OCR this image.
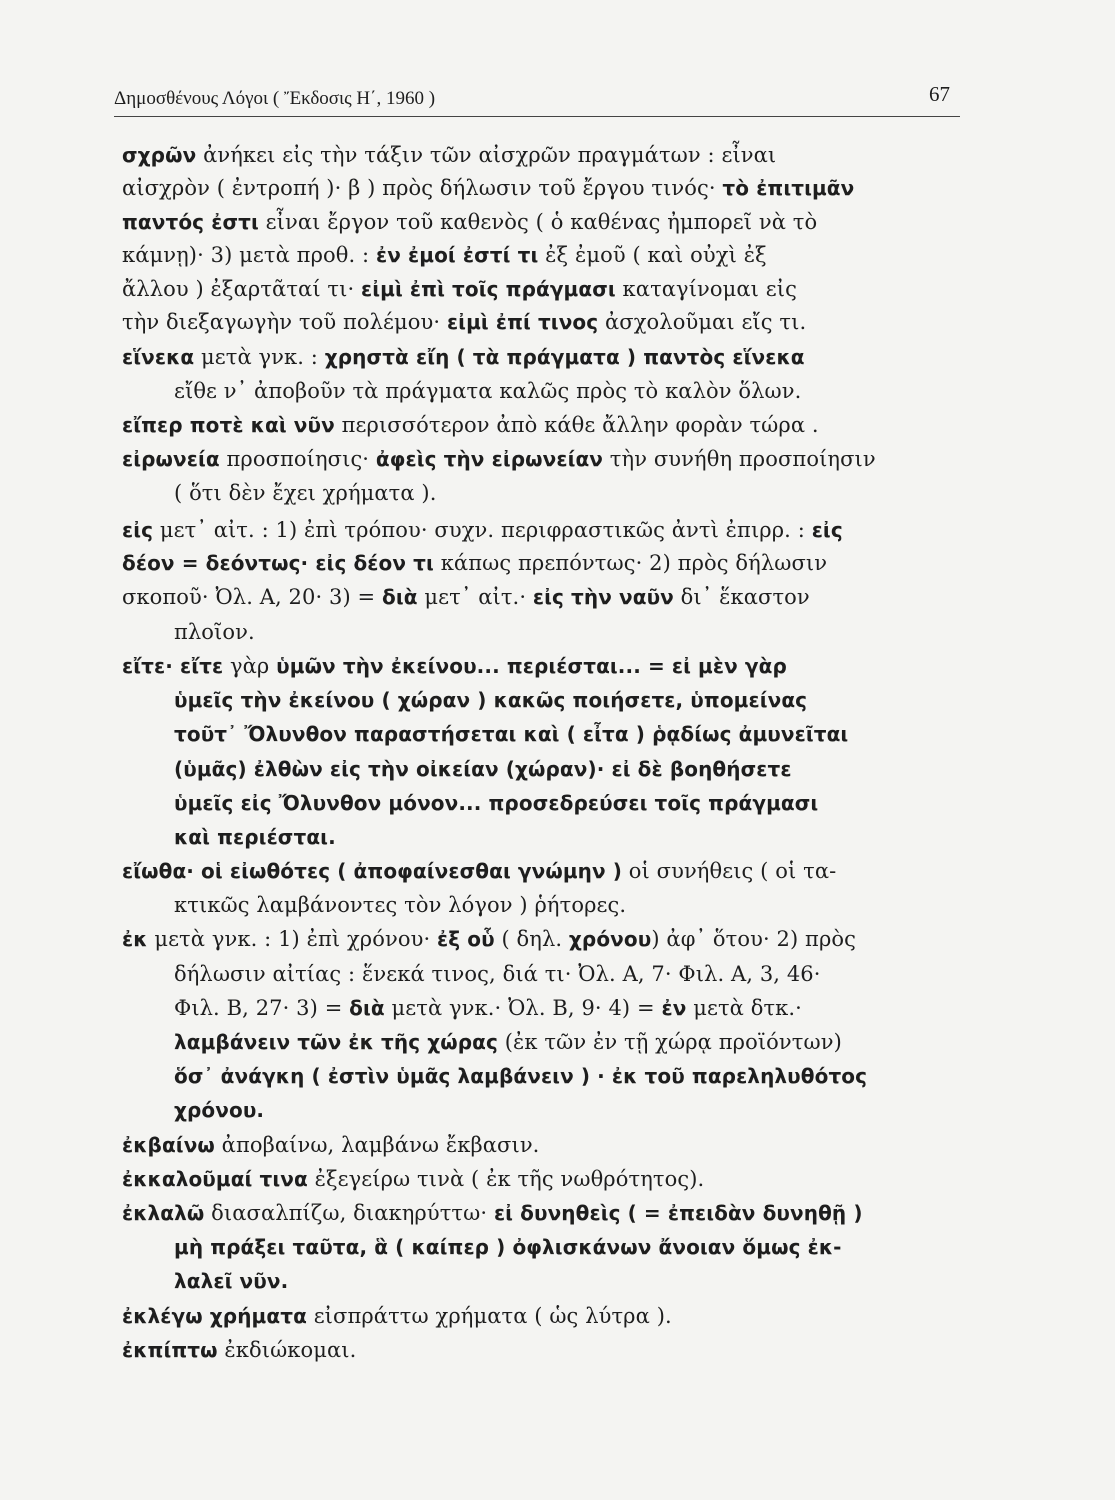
Δημοσθένους Λόγοι ( Ἔκδοσις Η΄, 1960 )	67
σχρῶν ἀνήκει εἰς τὴν τάξιν τῶν αἰσχρῶν πραγμάτων : εἶναι
αἰσχρὸν ( ἐντροπή )· β ) πρὸς δήλωσιν τοῦ ἔργου τινός· τὸ ἐπιτιμᾶν
παντός ἐστι εἶναι ἔργον τοῦ καθενὸς ( ὁ καθένας ἠμπορεῖ νὰ τὸ
κάμνῃ)· 3) μετὰ προθ. : ἐν ἐμοί ἐστί τι ἐξ ἐμοῦ ( καὶ οὐχὶ ἐξ
ἄλλου ) ἐξαρτᾶταί τι· εἰμὶ ἐπὶ τοῖς πράγμασι καταγίνομαι εἰς
τὴν διεξαγωγὴν τοῦ πολέμου· εἰμὶ ἐπί τινος ἀσχολοῦμαι εἴς τι.
εἵνεκα μετὰ γνκ. : χρηστὰ εἴη ( τὰ πράγματα ) παντὸς εἵνεκα
εἴθε ν᾽ ἀποβοῦν τὰ πράγματα καλῶς πρὸς τὸ καλὸν ὅλων.
εἴπερ ποτὲ καὶ νῦν περισσότερον ἀπὸ κάθε ἄλλην φορὰν τώρα .
εἰρωνεία προσποίησις· ἀφεὶς τὴν εἰρωνείαν τὴν συνήθη προσποίησιν
( ὅτι δὲν ἔχει χρήματα ).
εἰς μετ᾽ αἰτ. : 1) ἐπὶ τρόπου· συχν. περιφραστικῶς ἀντὶ ἐπιρρ. : εἰς
δέον = δεόντως· εἰς δέον τι κάπως πρεπόντως· 2) πρὸς δήλωσιν
σκοποῦ· Ὀλ. Α, 20· 3) = διὰ μετ᾽ αἰτ.· εἰς τὴν ναῦν δι᾽ ἕκαστον
πλοῖον.
εἴτε· εἴτε γὰρ ὑμῶν τὴν ἐκείνου... περιέσται... = εἰ μὲν γὰρ
ὑμεῖς τὴν ἐκείνου ( χώραν ) κακῶς ποιήσετε, ὑπομείνας
τοῦτ᾽ Ὄλυνθον παραστήσεται καὶ ( εἶτα ) ῥᾳδίως ἀμυνεῖται
(ὑμᾶς) ἐλθὼν εἰς τὴν οἰκείαν (χώραν)· εἰ δὲ βοηθήσετε
ὑμεῖς εἰς Ὄλυνθον μόνον... προσεδρεύσει τοῖς πράγμασι
καὶ περιέσται.
εἴωθα· οἱ εἰωθότες ( ἀποφαίνεσθαι γνώμην ) οἱ συνήθεις ( οἱ τα-
κτικῶς λαμβάνοντες τὸν λόγον ) ῥήτορες.
ἐκ μετὰ γνκ. : 1) ἐπὶ χρόνου· ἐξ οὗ ( δηλ. χρόνου) ἀφ᾽ ὅτου· 2) πρὸς
δήλωσιν αἰτίας : ἕνεκά τινος, διά τι· Ὀλ. Α, 7· Φιλ. Α, 3, 46·
Φιλ. Β, 27· 3) = διὰ μετὰ γνκ.· Ὀλ. Β, 9· 4) = ἐν μετὰ δτκ.·
λαμβάνειν τῶν ἐκ τῆς χώρας (ἐκ τῶν ἐν τῇ χώρᾳ προϊόντων)
ὅσ᾽ ἀνάγκη ( ἐστὶν ὑμᾶς λαμβάνειν ) · ἐκ τοῦ παρεληλυθότος
χρόνου.
ἐκβαίνω ἀποβαίνω, λαμβάνω ἔκβασιν.
ἐκκαλοῦμαί τινα ἐξεγείρω τινὰ ( ἐκ τῆς νωθρότητος).
ἐκλαλῶ διασαλπίζω, διακηρύττω· εἰ δυνηθεὶς ( = ἐπειδὰν δυνηθῇ )
μὴ πράξει ταῦτα, ἃ ( καίπερ ) ὀφλισκάνων ἄνοιαν ὅμως ἐκ-
λαλεῖ νῦν.
ἐκλέγω χρήματα εἰσπράττω χρήματα ( ὡς λύτρα ).
ἐκπίπτω ἐκδιώκομαι.
